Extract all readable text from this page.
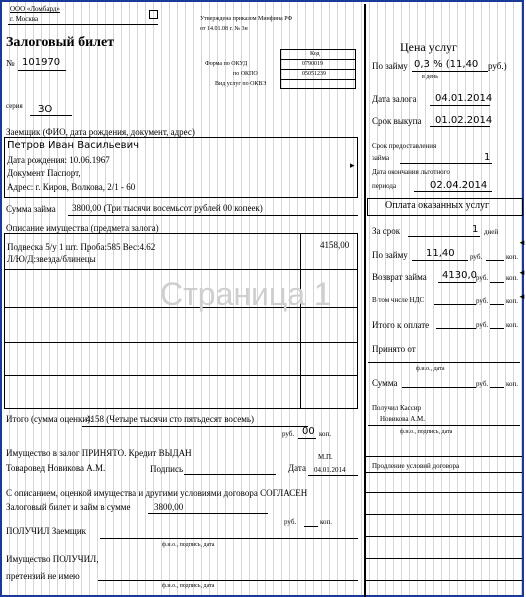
ООО «Ломбард»
г. Москва	Утверждена приказом Минфина РФ
от 14.01.08 г. № 3н
Залоговый билет
№ 101970
Код
Форма по ОКУД	0790019
по ОКПО	05051239
Вид услуг по ОКВЭ
серия ЗО
Заемщик (ФИО, дата рождения, документ, адрес)
Петров Иван Васильевич
Дата рождения: 10.06.1967
Документ Паспорт,
Адрес: г. Киров, Волкова, 2/1 - 60
▸
Сумма займа 3800,00 (Три тысячи восемьсот рублей 00 копеек)
Описание имущества (предмета залога)
Подвеска 5/у 1 шт. Проба:585 Вес:4.62
Л/Ю/Д:звезда/блинецы
4158,00
Итого (сумма оценки):
4158 (Четыре тысячи сто пятьдесят восемь)
руб. 00 коп.
Имущество в залог ПРИНЯТО. Кредит ВЫДАН	М.П.
Товаровед Новикова А.М.	Подпись	Дата 04.01.2014
С описанием, оценкой имущества и другими условиями договора СОГЛАСЕН
Залоговый билет и займ в сумме	3800,00
руб.	коп.
ПОЛУЧИЛ Заемщик
ф.и.о., подпись, дата
Имущество ПОЛУЧИЛ,
претензий не имею
ф.и.о., подпись, дата
Страница 1
Цена услуг
По займу 0,3 % (11,40 руб.)
в день
Дата залога 04.01.2014
Срок выкупа 01.02.2014
Срок предоставления
займа	1
Дата окончания льготного
периода	02.04.2014
Оплата оказанных услуг
За срок	1 дней
По займу 11,40 руб.	коп.
Возврат займа 4130,0 руб.	коп.
В том числе НДС	руб.	коп.
Итого к оплате	руб.	коп.
Принято от
ф.и.о., дата
Сумма	руб.	коп.
Получил Кассир
Новикова А.М.
ф.и.о., подпись, дата
Продление условий договора
◄
◄
◄
